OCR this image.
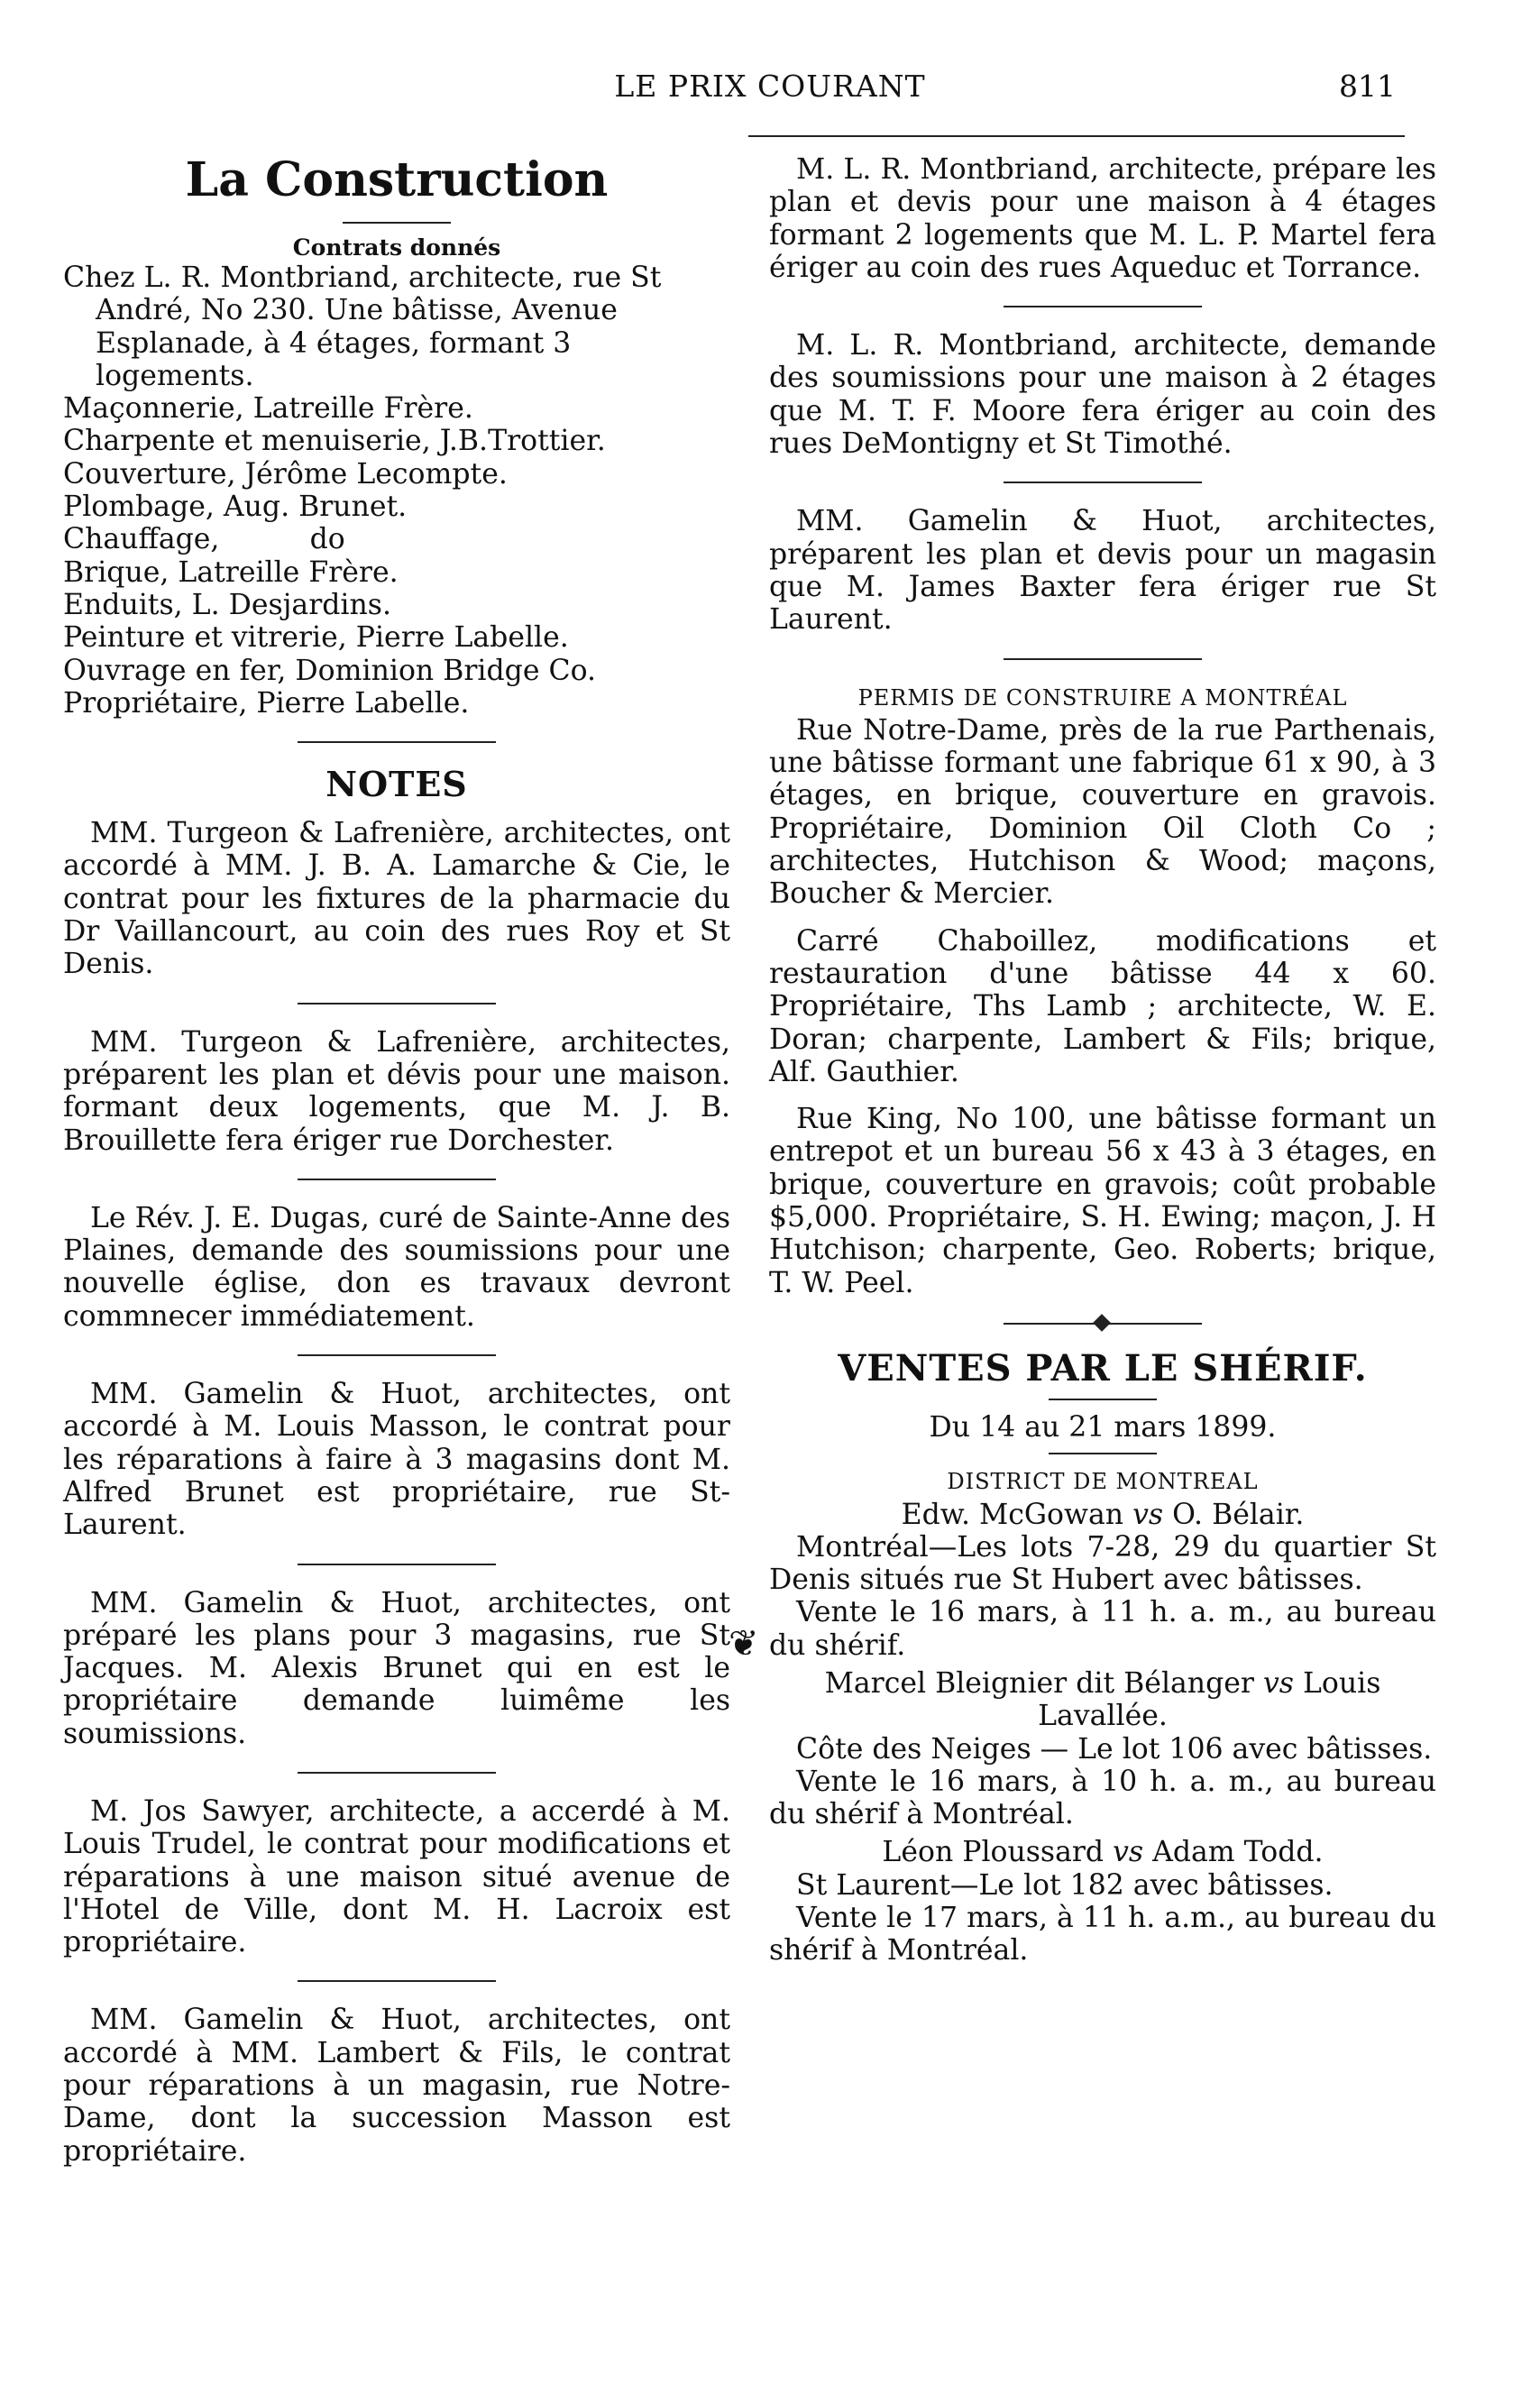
LE PRIX COURANT	811
La Construction

Contrats donnés

Chez L. R. Montbriand, architecte, rue St André, No 230. Une bâtisse, Avenue Esplanade, à 4 étages, formant 3 logements.

Maçonnerie, Latreille Frère.

Charpente et menuiserie, J.B.Trottier.

Couverture, Jérôme Lecompte.

Plombage, Aug. Brunet.

Chauffage,          do

Brique, Latreille Frère.

Enduits, L. Desjardins.

Peinture et vitrerie, Pierre Labelle.

Ouvrage en fer, Dominion Bridge Co.

Propriétaire, Pierre Labelle.

NOTES

MM. Turgeon & Lafrenière, architectes, ont accordé à MM. J. B. A. Lamarche & Cie, le contrat pour les fixtures de la pharmacie du Dr Vaillancourt, au coin des rues Roy et St Denis.

MM. Turgeon & Lafrenière, architectes, préparent les plan et dévis pour une maison. formant deux logements, que M. J. B. Brouillette fera ériger rue Dorchester.

Le Rév. J. E. Dugas, curé de Sainte-Anne des Plaines, demande des soumissions pour une nouvelle église, don es travaux devront commnecer immédiatement.

MM. Gamelin & Huot, architectes, ont accordé à M. Louis Masson, le contrat pour les réparations à faire à 3 magasins dont M. Alfred Brunet est propriétaire, rue St-Laurent.

MM. Gamelin & Huot, architectes, ont préparé les plans pour 3 magasins, rue St Jacques. M. Alexis Brunet qui en est le propriétaire demande luimême les soumissions.

M. Jos Sawyer, architecte, a accerdé à M. Louis Trudel, le contrat pour modifications et réparations à une maison situé avenue de l'Hotel de Ville, dont M. H. Lacroix est propriétaire.

MM. Gamelin & Huot, architectes, ont accordé à MM. Lambert & Fils, le contrat pour réparations à un magasin, rue Notre-Dame, dont la succession Masson est propriétaire.

❦

M. L. R. Montbriand, architecte, prépare les plan et devis pour une maison à 4 étages formant 2 logements que M. L. P. Martel fera ériger au coin des rues Aqueduc et Torrance.

M. L. R. Montbriand, architecte, demande des soumissions pour une maison à 2 étages que M. T. F. Moore fera ériger au coin des rues DeMontigny et St Timothé.

MM. Gamelin & Huot, architectes, préparent les plan et devis pour un magasin que M. James Baxter fera ériger rue St Laurent.

PERMIS DE CONSTRUIRE A MONTRÉAL

Rue Notre-Dame, près de la rue Parthenais, une bâtisse formant une fabrique 61 x 90, à 3 étages, en brique, couverture en gravois. Propriétaire, Dominion Oil Cloth Co ; architectes, Hutchison & Wood; maçons, Boucher & Mercier.

Carré Chaboillez, modifications et restauration d'une bâtisse 44 x 60. Propriétaire, Ths Lamb ; architecte, W. E. Doran; charpente, Lambert & Fils; brique, Alf. Gauthier.

Rue King, No 100, une bâtisse formant un entrepot et un bureau 56 x 43 à 3 étages, en brique, couverture en gravois; coût probable $5,000. Propriétaire, S. H. Ewing; maçon, J. H Hutchison; charpente, Geo. Roberts; brique, T. W. Peel.

VENTES PAR LE SHÉRIF.

Du 14 au 21 mars 1899.

DISTRICT DE MONTREAL

Edw. McGowan vs O. Bélair.

Montréal—Les lots 7-28, 29 du quartier St Denis situés rue St Hubert avec bâtisses.

Vente le 16 mars, à 11 h. a. m., au bureau du shérif.

Marcel Bleignier dit Bélanger vs Louis Lavallée.

Côte des Neiges — Le lot 106 avec bâtisses.

Vente le 16 mars, à 10 h. a. m., au bureau du shérif à Montréal.

Léon Ploussard vs Adam Todd.

St Laurent—Le lot 182 avec bâtisses.

Vente le 17 mars, à 11 h. a.m., au bureau du shérif à Montréal.
